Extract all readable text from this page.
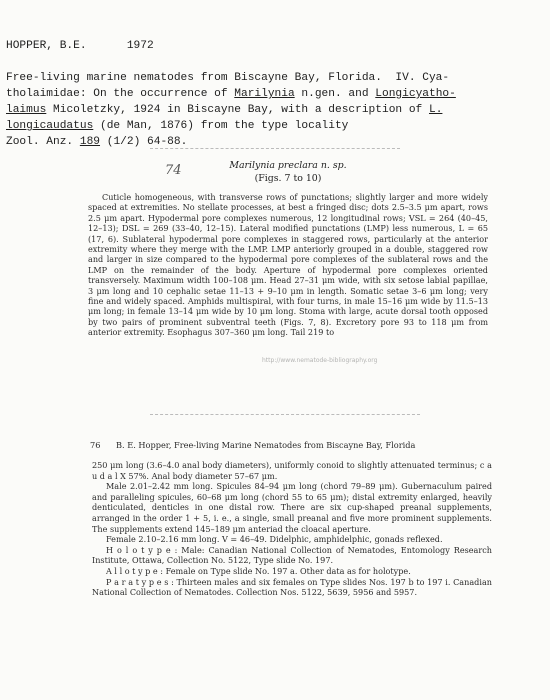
HOPPER, B.E.      1972

Free-living marine nematodes from Biscayne Bay, Florida.  IV. Cya-
tholaimidae: On the occurrence of Marilynia n.gen. and Longicyatho-
laimus Micoletzky, 1924 in Biscayne Bay, with a description of L.
longicaudatus (de Man, 1876) from the type locality
Zool. Anz. 189 (1/2) 64-88.
74	Marilynia preclara n. sp.

(Figs. 7 to 10)

Cuticle homogeneous, with transverse rows of punctations; slightly larger and more widely spaced at extremities. No stellate processes, at best a fringed disc; dots 2.5–3.5 μm apart, rows 2.5 μm apart. Hypodermal pore complexes numerous, 12 longitudinal rows; VSL = 264 (40–45, 12–13); DSL = 269 (33–40, 12–15). Lateral modified punctations (LMP) less numerous, L = 65 (17, 6). Sublateral hypodermal pore complexes in staggered rows, particularly at the anterior extremity where they merge with the LMP. LMP anteriorly grouped in a double, staggered row and larger in size compared to the hypodermal pore complexes of the sublateral rows and the LMP on the remainder of the body. Aperture of hypodermal pore complexes oriented transversely. Maximum width 100–108 μm. Head 27–31 μm wide, with six setose labial papillae, 3 μm long and 10 cephalic setae 11–13 + 9–10 μm in length. Somatic setae 3–6 μm long; very fine and widely spaced. Amphids multispiral, with four turns, in male 15–16 μm wide by 11.5–13 μm long; in female 13–14 μm wide by 10 μm long. Stoma with large, acute dorsal tooth opposed by two pairs of prominent subventral teeth (Figs. 7, 8). Excretory pore 93 to 118 μm from anterior extremity. Esophagus 307–360 μm long. Tail 219 to

http://www.nematode-bibliography.org

76 B. E. Hopper, Free-living Marine Nematodes from Biscayne Bay, Florida

250 μm long (3.6–4.0 anal body diameters), uniformly conoid to slightly attenuated terminus; c a u d a l X 57%. Anal body diameter 57–67 μm.

Male 2.01–2.42 mm long. Spicules 84–94 μm long (chord 79–89 μm). Gubernaculum paired and paralleling spicules, 60–68 μm long (chord 55 to 65 μm); distal extremity enlarged, heavily denticulated, denticles in one distal row. There are six cup-shaped preanal supplements, arranged in the order 1 + 5, i. e., a single, small preanal and five more prominent supplements. The supplements extend 145–189 μm anteriad the cloacal aperture.

Female 2.10–2.16 mm long. V = 46–49. Didelphic, amphidelphic, gonads reflexed.

H o l o t y p e : Male: Canadian National Collection of Nematodes, Entomology Research Institute, Ottawa, Collection No. 5122, Type slide No. 197.

A l l o t y p e : Female on Type slide No. 197 a. Other data as for holotype.

P a r a t y p e s : Thirteen males and six females on Type slides Nos. 197 b to 197 i. Canadian National Collection of Nematodes. Collection Nos. 5122, 5639, 5956 and 5957.
